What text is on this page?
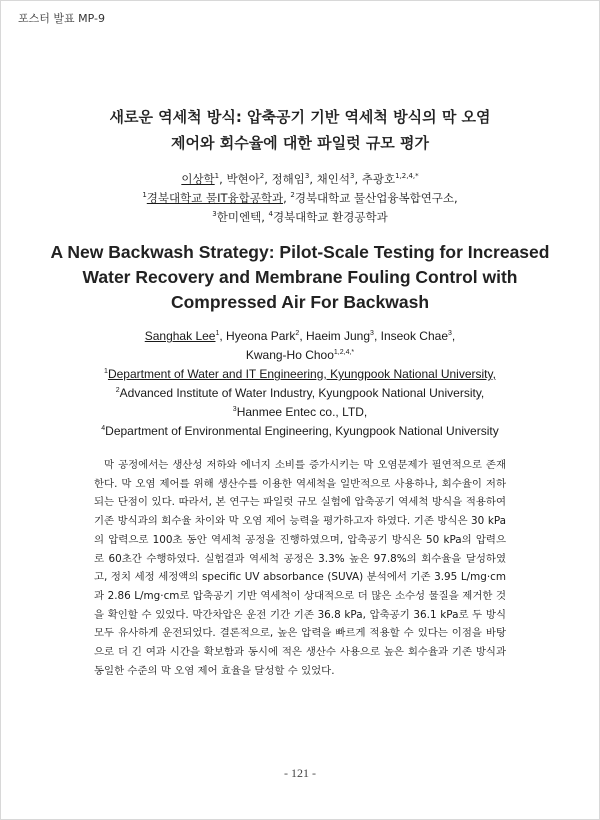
포스터 발표 MP-9
새로운 역세척 방식: 압축공기 기반 역세척 방식의 막 오염
제어와 회수율에 대한 파일럿 규모 평가
이상학$^1$, 박현아$^2$, 정해임$^3$, 채인석$^3$, 추광호$^{1,2,4,*}$
$^1$경북대학교 물IT융합공학과, $^2$경북대학교 물산업융복합연구소,
$^3$한미엔텍, $^4$경북대학교 환경공학과
A New Backwash Strategy: Pilot-Scale Testing for Increased
Water Recovery and Membrane Fouling Control with
Compressed Air For Backwash
Sanghak Lee$^1$, Hyeona Park$^2$, Haeim Jung$^3$, Inseok Chae$^3$,
Kwang-Ho Choo$^{1,2,4,*}$
$^1$Department of Water and IT Engineering, Kyungpook National University,
$^2$Advanced Institute of Water Industry, Kyungpook National University,
$^3$Hanmee Entec co., LTD,
$^4$Department of Environmental Engineering, Kyungpook National University

막 공정에서는 생산성 저하와 에너지 소비를 증가시키는 막 오염문제가 필연적으로 존재한다. 막 오염 제어를 위해 생산수를 이용한 역세척을 일반적으로 사용하나, 회수율이 저하되는 단점이 있다. 따라서, 본 연구는 파일럿 규모 실험에 압축공기 역세척 방식을 적용하여 기존 방식과의 회수율 차이와 막 오염 제어 능력을 평가하고자 하였다. 기존 방식은 30 kPa의 압력으로 100초 동안 역세척 공정을 진행하였으며, 압축공기 방식은 50 kPa의 압력으로 60초간 수행하였다. 실험결과 역세척 공정은 3.3% 높은 97.8%의 회수율을 달성하였고, 정치 세정 세정액의 specific UV absorbance (SUVA) 분석에서 기존 3.95 L/mg·cm과 2.86 L/mg·cm로 압축공기 기반 역세척이 상대적으로 더 많은 소수성 물질을 제거한 것을 확인할 수 있었다. 막간차압은 운전 기간 기존 36.8 kPa, 압축공기 36.1 kPa로 두 방식 모두 유사하게 운전되었다. 결론적으로, 높은 압력을 빠르게 적용할 수 있다는 이점을 바탕으로 더 긴 여과 시간을 확보함과 동시에 적은 생산수 사용으로 높은 회수율과 기존 방식과 동일한 수준의 막 오염 제어 효율을 달성할 수 있었다.

- 121 -
